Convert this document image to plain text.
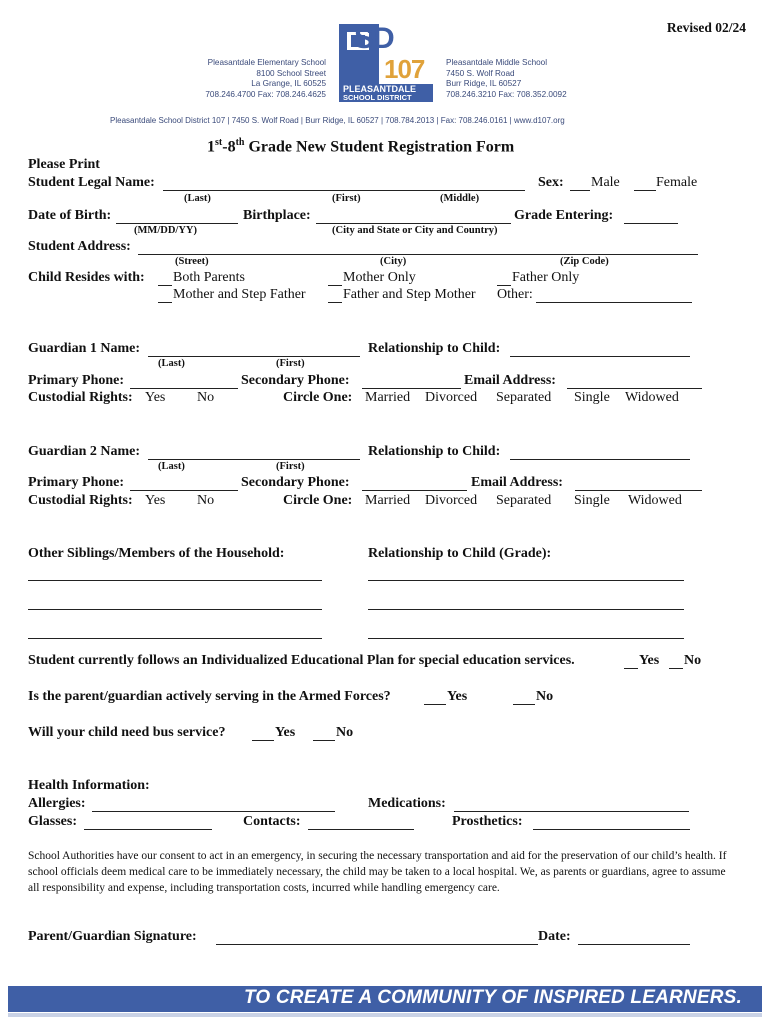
Revised 02/24
Pleasantdale Elementary School
8100 School Street
La Grange, IL 60525
708.246.4700 Fax: 708.246.4625
SD
107
PLEASANTDALE
SCHOOL DISTRICT
Pleasantdale Middle School
7450 S. Wolf Road
Burr Ridge, IL 60527
708.246.3210 Fax: 708.352.0092
Pleasantdale School District 107 | 7450 S. Wolf Road | Burr Ridge, IL 60527 | 708.784.2013 | Fax: 708.246.0161 | www.d107.org
1st-8th Grade New Student Registration Form
Please Print
Student Legal Name:	Sex: Male	Female
(Last)	(First)	(Middle)
Date of Birth:	Birthplace:	Grade Entering:
(MM/DD/YY)	(City and State or City and Country)
Student Address:
(Street)	(City)	(Zip Code)
Child Resides with: Both Parents	Mother Only	Father Only
Mother and Step Father	Father and Step Mother Other:
Guardian 1 Name:	Relationship to Child:
(Last)	(First)
Primary Phone:	Secondary Phone:	Email Address:
Custodial Rights: Yes No	Circle One: Married Divorced Separated Single Widowed
Guardian 2 Name:	Relationship to Child:
(Last)	(First)
Primary Phone:	Secondary Phone:	Email Address:
Custodial Rights: Yes No	Circle One: Married Divorced Separated Single Widowed
Other Siblings/Members of the Household:	Relationship to Child (Grade):
Student currently follows an Individualized Educational Plan for special education services.	Yes No
Is the parent/guardian actively serving in the Armed Forces?	Yes	No
Will your child need bus service?	Yes	No
Health Information:
Allergies:	Medications:
Glasses:	Contacts:	Prosthetics:
School Authorities have our consent to act in an emergency, in securing the necessary transportation and aid for the preservation of our child’s health. If school officials deem medical care to be immediately necessary, the child may be taken to a local hospital. We, as parents or guardians, agree to assume all responsibility and expense, including transportation costs, incurred while handling emergency care.
Parent/Guardian Signature:	Date:
TO CREATE A COMMUNITY OF INSPIRED LEARNERS.
